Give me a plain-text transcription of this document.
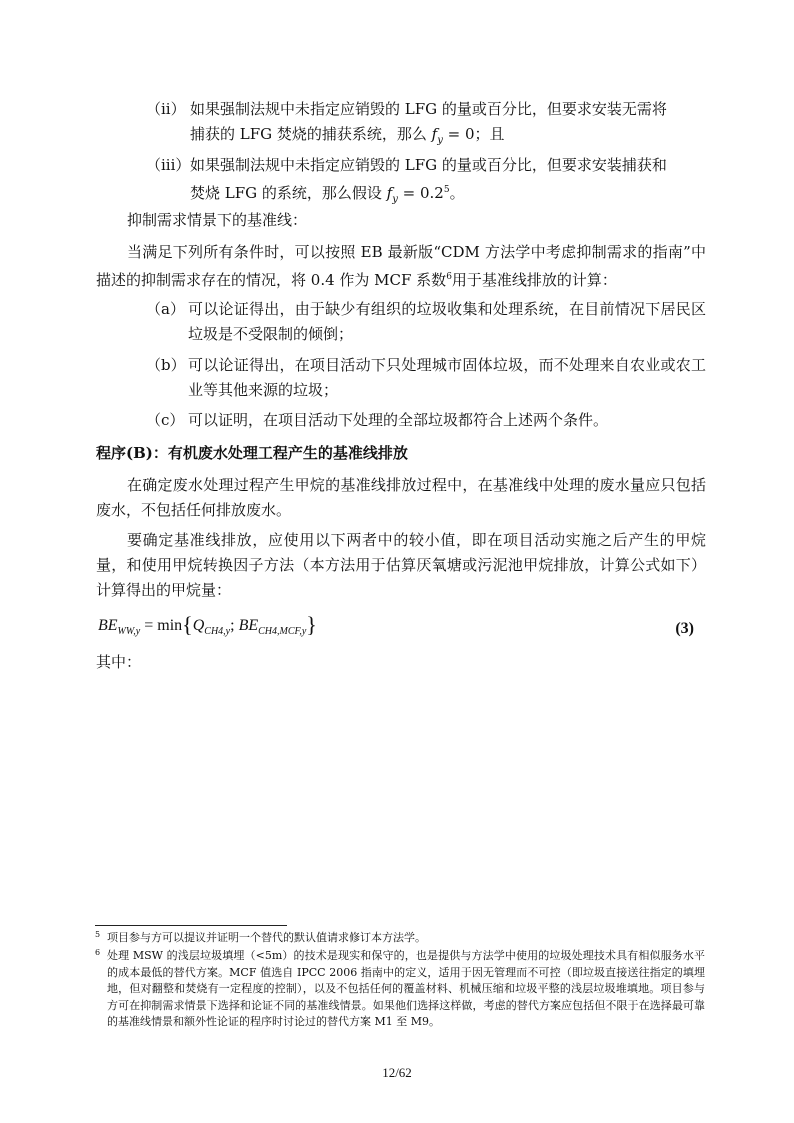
（ii） 如果强制法规中未指定应销毁的 LFG 的量或百分比，但要求安装无需将
捕获的 LFG 焚烧的捕获系统，那么 $f_y = 0$；且
（iii） 如果强制法规中未指定应销毁的 LFG 的量或百分比，但要求安装捕获和
焚烧 LFG 的系统，那么假设 $f_y = 0.2^5$。
抑制需求情景下的基准线：
当满足下列所有条件时，可以按照 EB 最新版“CDM 方法学中考虑抑制需求的指南”中描述的抑制需求存在的情况，将 0.4 作为 MCF 系数$^6$用于基准线排放的计算：
（a） 可以论证得出，由于缺少有组织的垃圾收集和处理系统，在目前情况下居民区垃圾是不受限制的倾倒；
（b） 可以论证得出，在项目活动下只处理城市固体垃圾，而不处理来自农业或农工业等其他来源的垃圾；
（c） 可以证明，在项目活动下处理的全部垃圾都符合上述两个条件。
程序(B)：有机废水处理工程产生的基准线排放
在确定废水处理过程产生甲烷的基准线排放过程中，在基准线中处理的废水量应只包括废水，不包括任何排放废水。
要确定基准线排放，应使用以下两者中的较小值，即在项目活动实施之后产生的甲烷量，和使用甲烷转换因子方法（本方法用于估算厌氧塘或污泥池甲烷排放，计算公式如下）计算得出的甲烷量：
$BE_{WW,y} = \min\{Q_{CH4,y}$; $BE_{CH4,MCF,y}$}	(3)
其中：
5 项目参与方可以提议并证明一个替代的默认值请求修订本方法学。
6 处理 MSW 的浅层垃圾填埋（<5m）的技术是现实和保守的，也是提供与方法学中使用的垃圾处理技术具有相似服务水平的成本最低的替代方案。MCF 值选自 IPCC 2006 指南中的定义，适用于因无管理而不可控（即垃圾直接送往指定的填埋地，但对翻整和焚烧有一定程度的控制），以及不包括任何的覆盖材料、机械压缩和垃圾平整的浅层垃圾堆填地。项目参与方可在抑制需求情景下选择和论证不同的基准线情景。如果他们选择这样做，考虑的替代方案应包括但不限于在选择最可靠的基准线情景和额外性论证的程序时讨论过的替代方案 M1 至 M9。
12/62
